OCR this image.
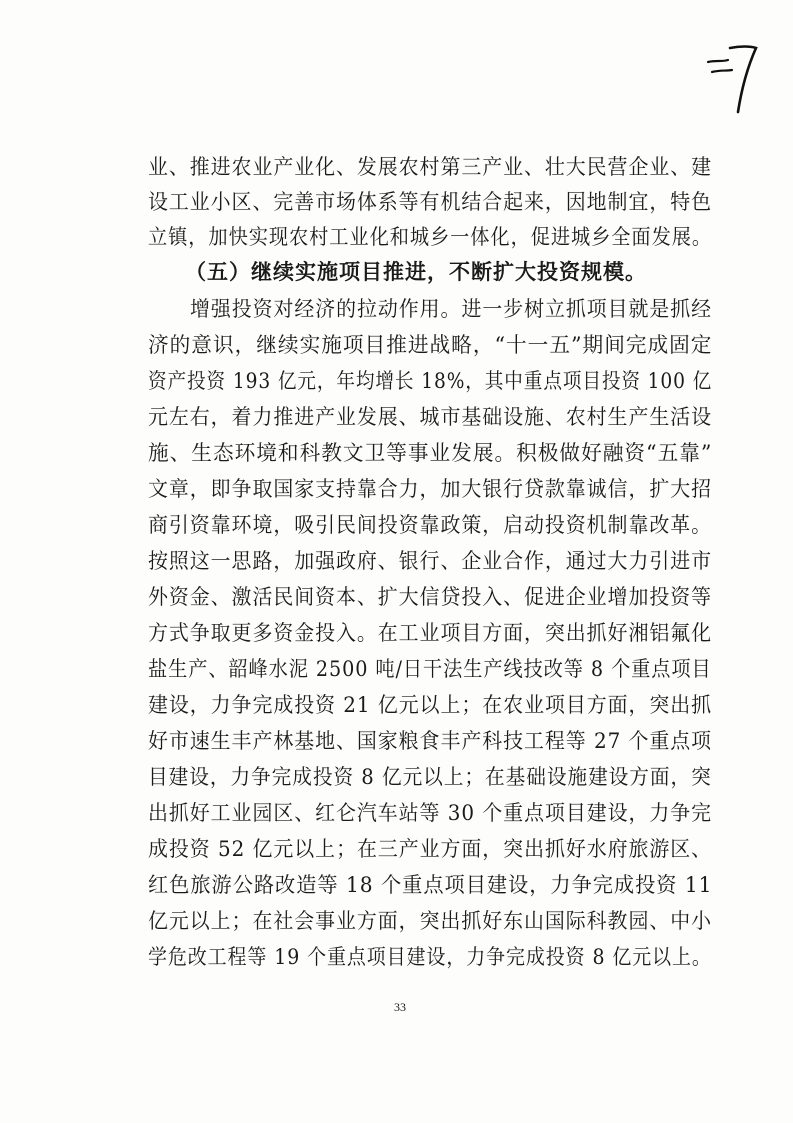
业、推进农业产业化、发展农村第三产业、壮大民营企业、建
设工业小区、完善市场体系等有机结合起来，因地制宜，特色
立镇，加快实现农村工业化和城乡一体化，促进城乡全面发展。
（五）继续实施项目推进，不断扩大投资规模。
增强投资对经济的拉动作用。进一步树立抓项目就是抓经
济的意识，继续实施项目推进战略，“十一五”期间完成固定
资产投资 193 亿元，年均增长 18%，其中重点项目投资 100 亿
元左右，着力推进产业发展、城市基础设施、农村生产生活设
施、生态环境和科教文卫等事业发展。积极做好融资“五靠”
文章，即争取国家支持靠合力，加大银行贷款靠诚信，扩大招
商引资靠环境，吸引民间投资靠政策，启动投资机制靠改革。
按照这一思路，加强政府、银行、企业合作，通过大力引进市
外资金、激活民间资本、扩大信贷投入、促进企业增加投资等
方式争取更多资金投入。在工业项目方面，突出抓好湘铝氟化
盐生产、韶峰水泥 2500 吨/日干法生产线技改等 8 个重点项目
建设，力争完成投资 21 亿元以上；在农业项目方面，突出抓
好市速生丰产林基地、国家粮食丰产科技工程等 27 个重点项
目建设，力争完成投资 8 亿元以上；在基础设施建设方面，突
出抓好工业园区、红仑汽车站等 30 个重点项目建设，力争完
成投资 52 亿元以上；在三产业方面，突出抓好水府旅游区、
红色旅游公路改造等 18 个重点项目建设，力争完成投资 11
亿元以上；在社会事业方面，突出抓好东山国际科教园、中小
学危改工程等 19 个重点项目建设，力争完成投资 8 亿元以上。
33
